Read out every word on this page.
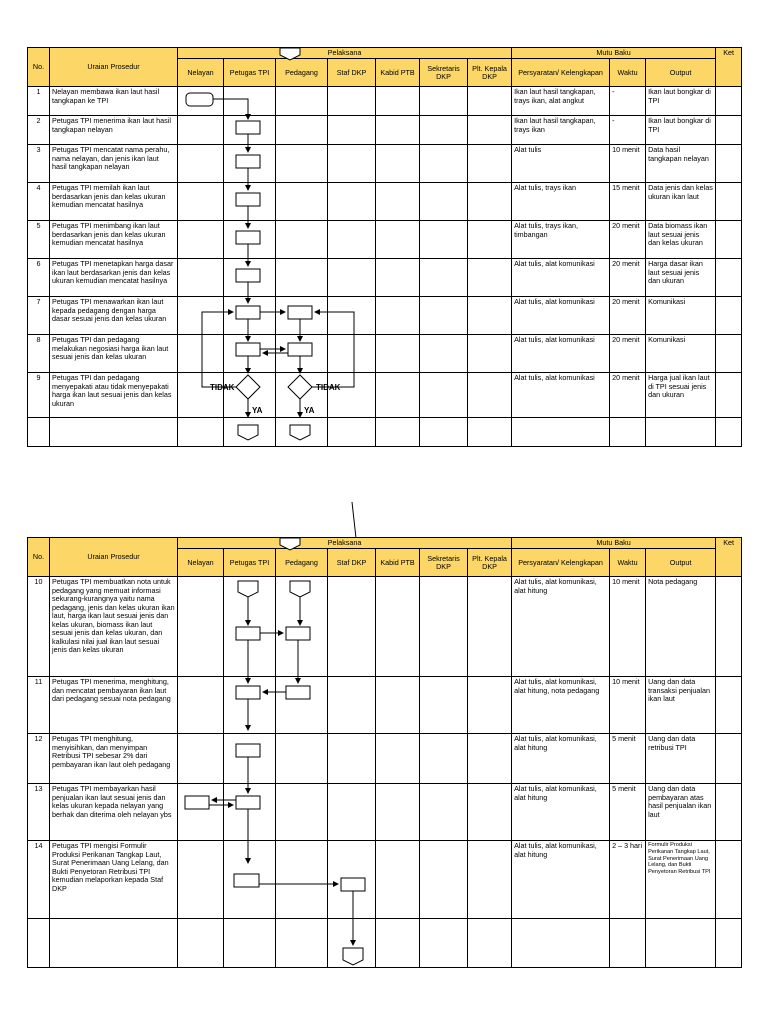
No.	Uraian Prosedur	Pelaksana							Mutu Baku			Ket
		Nelayan	Petugas TPI	Pedagang	Staf DKP	Kabid PTB	Sekretaris DKP	Plt. Kepala DKP	Persyaratan/ Kelengkapan	Waktu	Output	
1	Nelayan membawa ikan laut hasil tangkapan ke TPI								Ikan laut hasil tangkapan, trays ikan, alat angkut	-	Ikan laut bongkar di TPI	
2	Petugas TPI menerima ikan laut hasil tangkapan nelayan								Ikan laut hasil tangkapan, trays ikan	-	Ikan laut bongkar di TPI	
3	Petugas TPI mencatat nama perahu, nama nelayan, dan jenis ikan laut hasil tangkapan nelayan								Alat tulis	10 menit	Data hasil tangkapan nelayan	
4	Petugas TPI memilah ikan laut berdasarkan jenis dan kelas ukuran kemudian mencatat hasilnya								Alat tulis, trays ikan	15 menit	Data jenis dan kelas ukuran ikan laut	
5	Petugas TPI menimbang ikan laut berdasarkan jenis dan kelas ukuran kemudian mencatat hasilnya								Alat tulis, trays ikan, timbangan	20 menit	Data biomass ikan laut sesuai jenis dan kelas ukuran	
6	Petugas TPI menetapkan harga dasar ikan laut berdasarkan jenis dan kelas ukuran kemudian mencatat hasilnya								Alat tulis, alat komunikasi	20 menit	Harga dasar ikan laut sesuai jenis dan ukuran	
7	Petugas TPI menawarkan ikan laut kepada pedagang dengan harga dasar sesuai jenis dan kelas ukuran								Alat tulis, alat komunikasi	20 menit	Komunikasi	
8	Petugas TPI dan pedagang melakukan negosiasi harga ikan laut sesuai jenis dan kelas ukuran								Alat tulis, alat komunikasi	20 menit	Komunikasi	
9	Petugas TPI dan pedagang menyepakati atau tidak menyepakati harga ikan laut sesuai jenis dan kelas ukuran								Alat tulis, alat komunikasi	20 menit	Harga jual ikan laut di TPI sesuai jenis dan ukuran	

TIDAK	TIDAK
YA	YA
No.	Uraian Prosedur	Pelaksana							Mutu Baku			Ket
		Nelayan	Petugas TPI	Pedagang	Staf DKP	Kabid PTB	Sekretaris DKP	Plt. Kepala DKP	Persyaratan/ Kelengkapan	Waktu	Output	
10	Petugas TPI membuatkan nota untuk pedagang yang memuat informasi sekurang-kurangnya yaitu nama pedagang, jenis dan kelas ukuran ikan laut, harga ikan laut sesuai jenis dan kelas ukuran, biomass ikan laut sesuai jenis dan kelas ukuran, dan kalkulasi nilai jual ikan laut sesuai jenis dan kelas ukuran								Alat tulis, alat komunikasi, alat hitung	10 menit	Nota pedagang	
11	Petugas TPI menerima, menghitung, dan mencatat pembayaran ikan laut dari pedagang sesuai nota pedagang								Alat tulis, alat komunikasi, alat hitung, nota pedagang	10 menit	Uang dan data transaksi penjualan ikan laut	
12	Petugas TPI menghitung, menyisihkan, dan menyimpan Retribusi TPI sebesar 2% dari pembayaran ikan laut oleh pedagang								Alat tulis, alat komunikasi, alat hitung	5 menit	Uang dan data retribusi TPI	
13	Petugas TPI membayarkan hasil penjualan ikan laut sesuai jenis dan kelas ukuran kepada nelayan yang berhak dan diterima oleh nelayan ybs								Alat tulis, alat komunikasi, alat hitung	5 menit	Uang dan data pembayaran atas hasil penjualan ikan laut	
14	Petugas TPI mengisi Formulir Produksi Perikanan Tangkap Laut, Surat Penerimaan Uang Lelang, dan Bukti Penyetoran Retribusi TPI kemudian melaporkan kepada Staf DKP								Alat tulis, alat komunikasi, alat hitung	2 – 3 hari	Formulir Produksi Perikanan Tangkap Laut, Surat Penerimaan Uang Lelang, dan Bukti Penyetoran Retribusi TPI	
